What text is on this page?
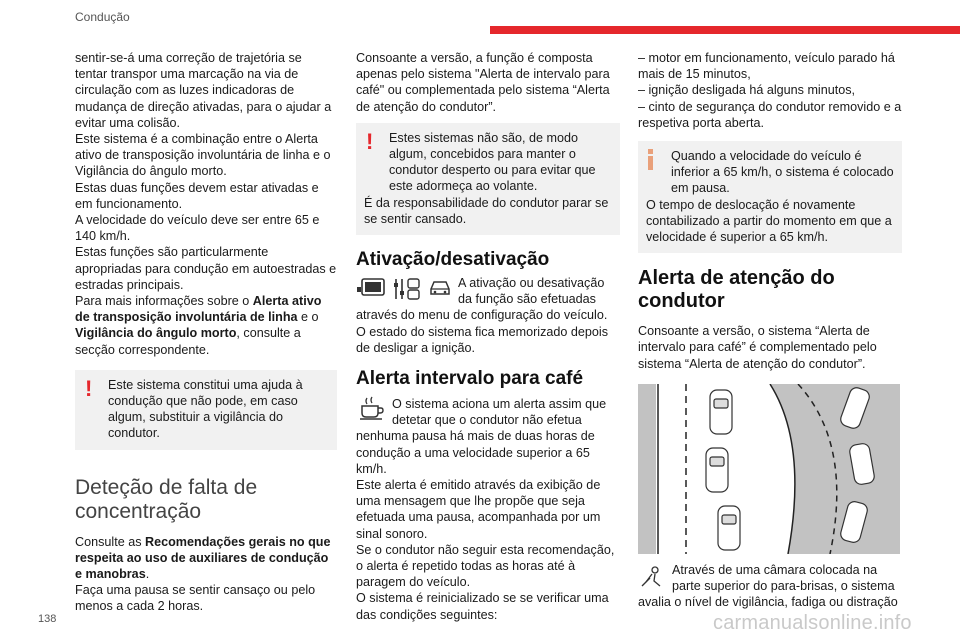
Condução

sentir-se-á uma correção de trajetória se tentar transpor uma marcação na via de circulação com as luzes indicadoras de mudança de direção ativadas, para o ajudar a evitar uma colisão.

Este sistema é a combinação entre o Alerta ativo de transposição involuntária de linha e o Vigilância do ângulo morto.

Estas duas funções devem estar ativadas e em funcionamento.

A velocidade do veículo deve ser entre 65 e 140 km/h.

Estas funções são particularmente apropriadas para condução em autoestradas e estradas principais.

Para mais informações sobre o Alerta ativo de transposição involuntária de linha e o Vigilância do ângulo morto, consulte a secção correspondente.

!	Este sistema constitui uma ajuda à condução que não pode, em caso algum, substituir a vigilância do condutor.

Deteção de falta de concentração

Consulte as Recomendações gerais no que respeita ao uso de auxiliares de condução e manobras.

Faça uma pausa se sentir cansaço ou pelo menos a cada 2 horas.

Consoante a versão, a função é composta apenas pelo sistema "Alerta de intervalo para café" ou complementada pelo sistema “Alerta de atenção do condutor”.

!	Estes sistemas não são, de modo algum, concebidos para manter o condutor desperto ou para evitar que este adormeça ao volante.

É da responsabilidade do condutor parar se se sentir cansado.

Ativação/desativação

A ativação ou desativação da função são efetuadas através do menu de configuração do veículo.

O estado do sistema fica memorizado depois de desligar a ignição.

Alerta intervalo para café

O sistema aciona um alerta assim que detetar que o condutor não efetua nenhuma pausa há mais de duas horas de condução a uma velocidade superior a 65 km/h.

Este alerta é emitido através da exibição de uma mensagem que lhe propõe que seja efetuada uma pausa, acompanhada por um sinal sonoro.

Se o condutor não seguir esta recomendação, o alerta é repetido todas as horas até à paragem do veículo.

O sistema é reinicializado se se verificar uma das condições seguintes:

– motor em funcionamento, veículo parado há mais de 15 minutos,

– ignição desligada há alguns minutos,

– cinto de segurança do condutor removido e a respetiva porta aberta.

Quando a velocidade do veículo é inferior a 65 km/h, o sistema é colocado em pausa.

O tempo de deslocação é novamente contabilizado a partir do momento em que a velocidade é superior a 65 km/h.

Alerta de atenção do condutor

Consoante a versão, o sistema “Alerta de intervalo para café” é complementado pelo sistema “Alerta de atenção do condutor”.

Através de uma câmara colocada na parte superior do para-brisas, o sistema avalia o nível de vigilância, fadiga ou distração

138	carmanualsonline.info
